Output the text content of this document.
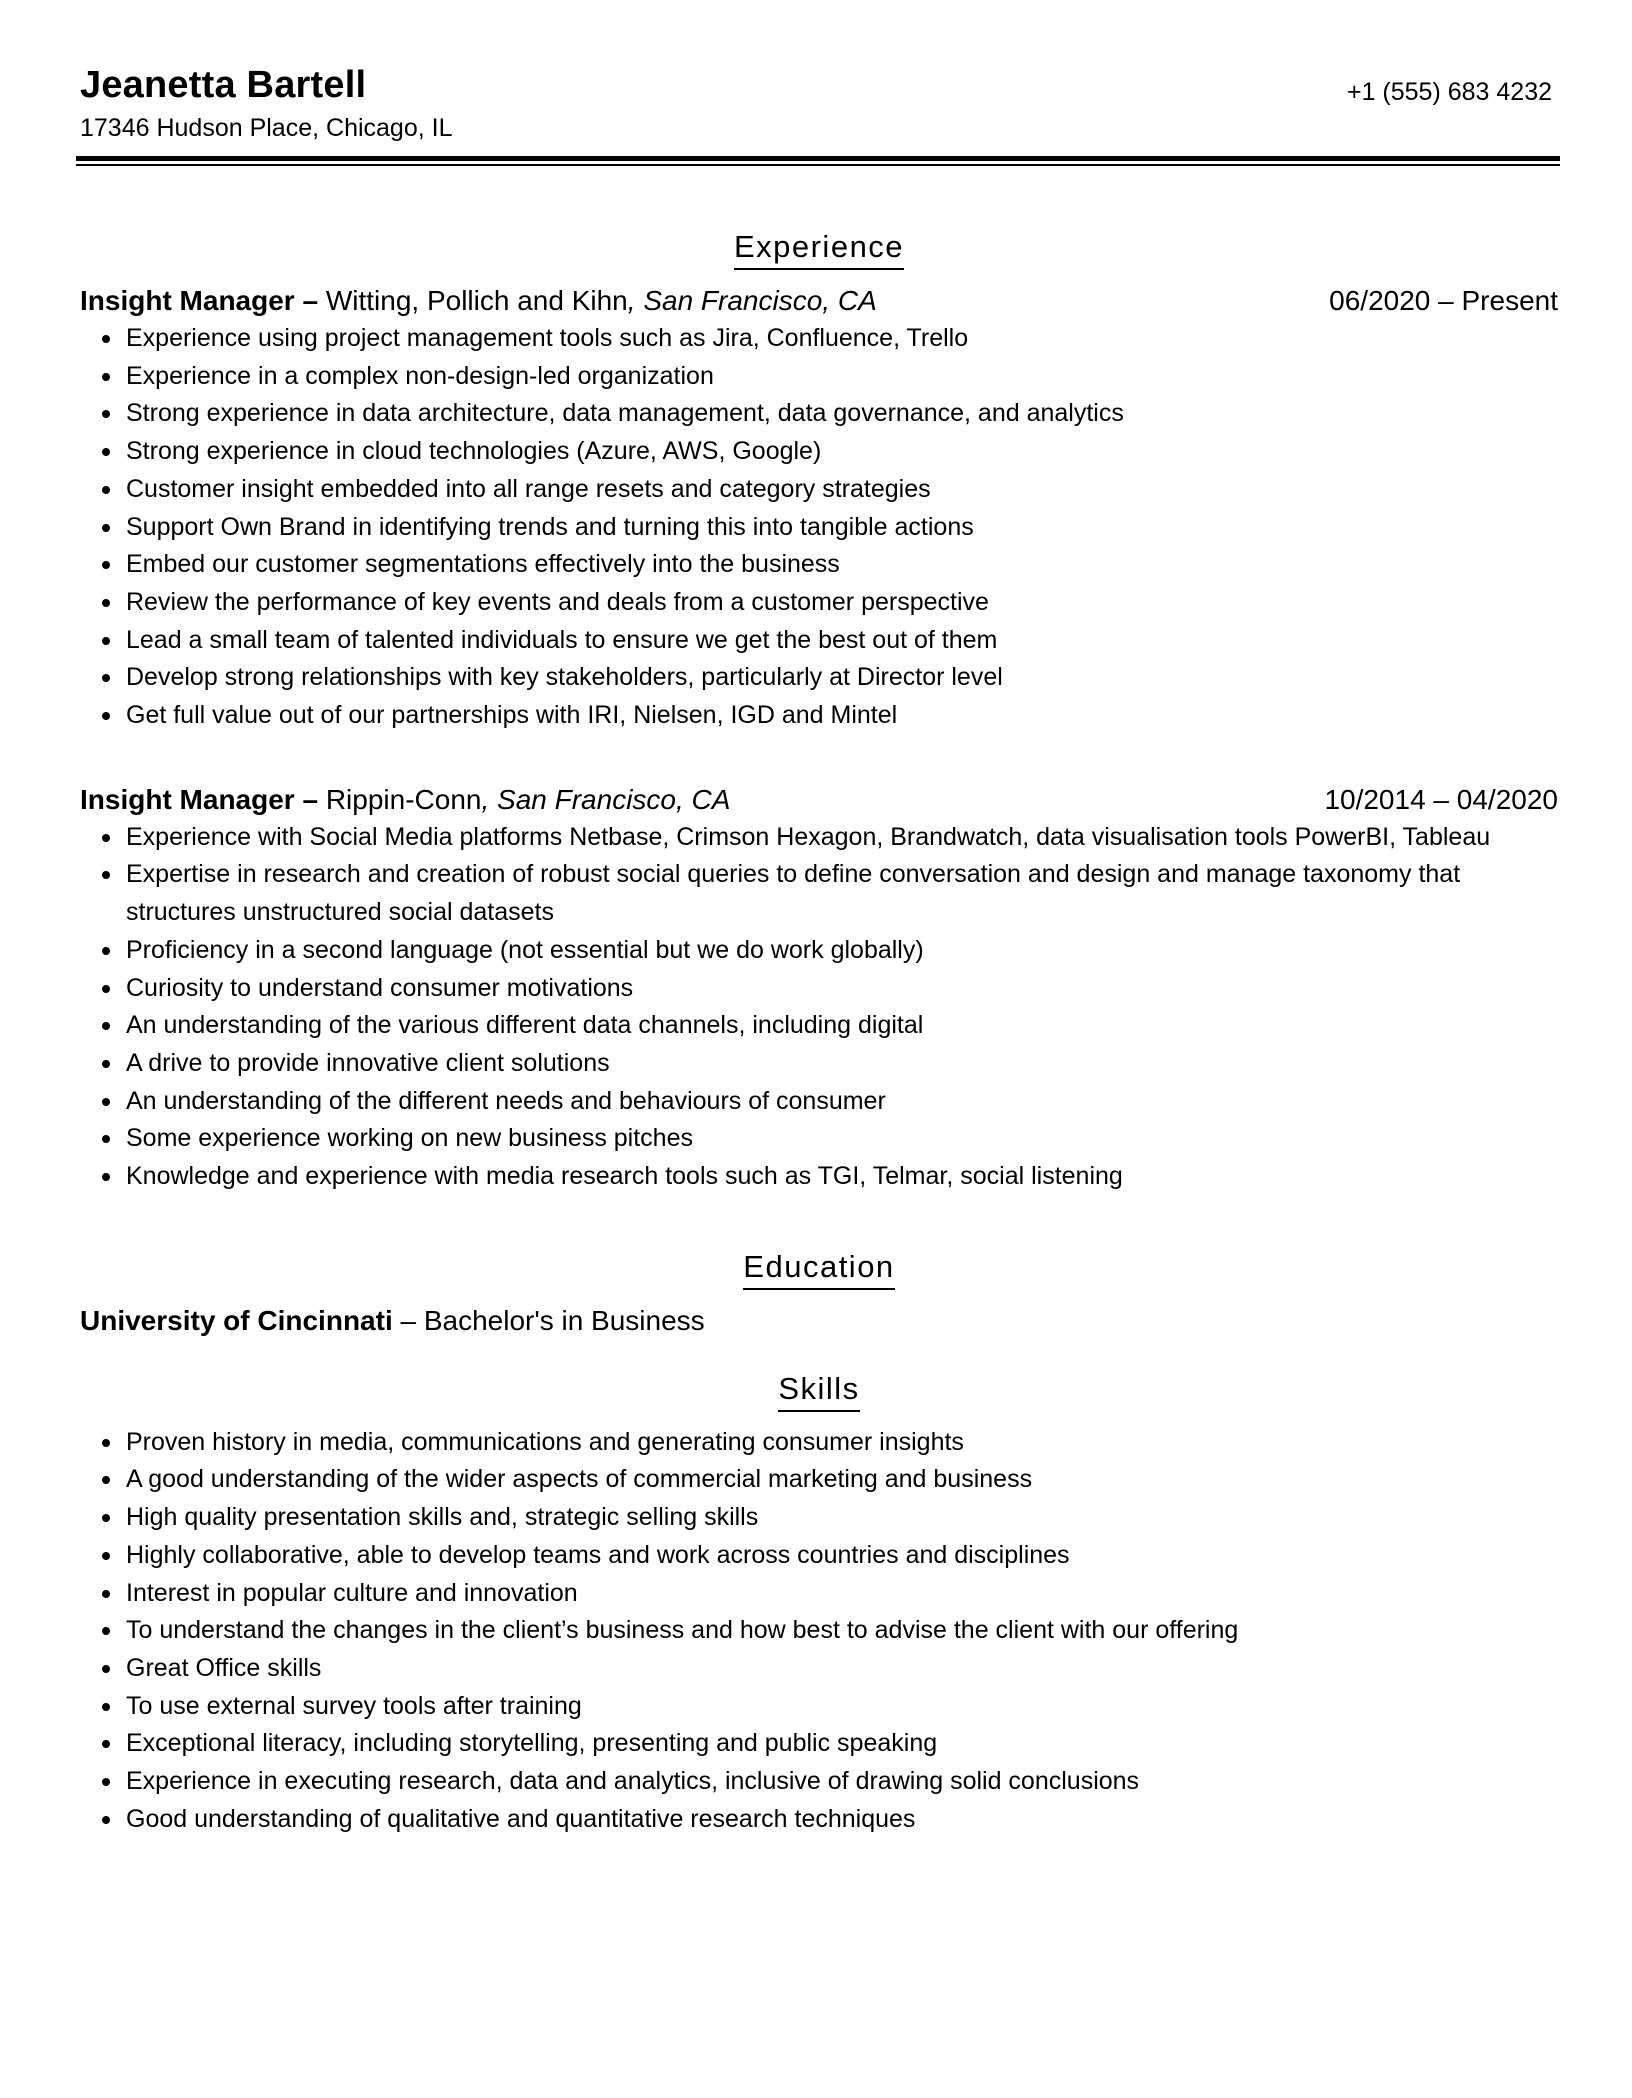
Jeanetta Bartell
17346 Hudson Place, Chicago, IL
+1 (555) 683 4232
Experience
Insight Manager – Witting, Pollich and Kihn, San Francisco, CA	06/2020 – Present
Experience using project management tools such as Jira, Confluence, Trello
Experience in a complex non-design-led organization
Strong experience in data architecture, data management, data governance, and analytics
Strong experience in cloud technologies (Azure, AWS, Google)
Customer insight embedded into all range resets and category strategies
Support Own Brand in identifying trends and turning this into tangible actions
Embed our customer segmentations effectively into the business
Review the performance of key events and deals from a customer perspective
Lead a small team of talented individuals to ensure we get the best out of them
Develop strong relationships with key stakeholders, particularly at Director level
Get full value out of our partnerships with IRI, Nielsen, IGD and Mintel
Insight Manager – Rippin-Conn, San Francisco, CA	10/2014 – 04/2020
Experience with Social Media platforms Netbase, Crimson Hexagon, Brandwatch, data visualisation tools PowerBI, Tableau
Expertise in research and creation of robust social queries to define conversation and design and manage taxonomy that structures unstructured social datasets
Proficiency in a second language (not essential but we do work globally)
Curiosity to understand consumer motivations
An understanding of the various different data channels, including digital
A drive to provide innovative client solutions
An understanding of the different needs and behaviours of consumer
Some experience working on new business pitches
Knowledge and experience with media research tools such as TGI, Telmar, social listening
Education
University of Cincinnati – Bachelor's in Business
Skills
Proven history in media, communications and generating consumer insights
A good understanding of the wider aspects of commercial marketing and business
High quality presentation skills and, strategic selling skills
Highly collaborative, able to develop teams and work across countries and disciplines
Interest in popular culture and innovation
To understand the changes in the client’s business and how best to advise the client with our offering
Great Office skills
To use external survey tools after training
Exceptional literacy, including storytelling, presenting and public speaking
Experience in executing research, data and analytics, inclusive of drawing solid conclusions
Good understanding of qualitative and quantitative research techniques
